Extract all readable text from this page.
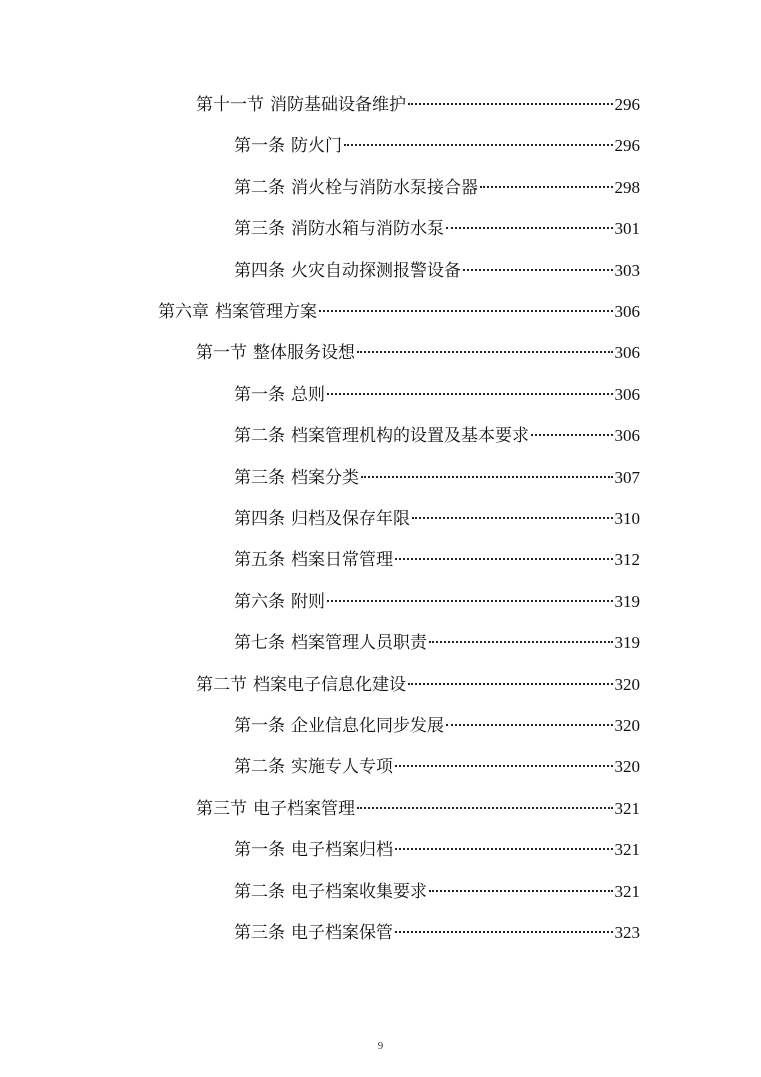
第十一节 消防基础设备维护	296
第一条 防火门	296
第二条 消火栓与消防水泵接合器	298
第三条 消防水箱与消防水泵	301
第四条 火灾自动探测报警设备	303
第六章 档案管理方案	306
第一节 整体服务设想	306
第一条 总则	306
第二条 档案管理机构的设置及基本要求	306
第三条 档案分类	307
第四条 归档及保存年限	310
第五条 档案日常管理	312
第六条 附则	319
第七条 档案管理人员职责	319
第二节 档案电子信息化建设	320
第一条 企业信息化同步发展	320
第二条 实施专人专项	320
第三节 电子档案管理	321
第一条 电子档案归档	321
第二条 电子档案收集要求	321
第三条 电子档案保管	323
9
